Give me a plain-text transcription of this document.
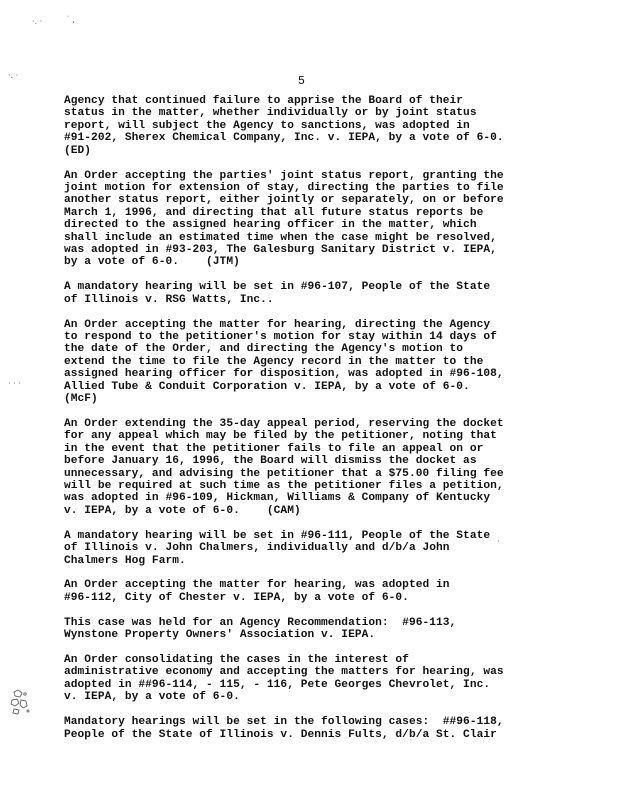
·. ·	˙ ,
·. ·
· · ·
·
5
Agency that continued failure to apprise the Board of their
status in the matter, whether individually or by joint status
report, will subject the Agency to sanctions, was adopted in
#91-202, Sherex Chemical Company, Inc. v. IEPA, by a vote of 6-0.
(ED)
An Order accepting the parties' joint status report, granting the
joint motion for extension of stay, directing the parties to file
another status report, either jointly or separately, on or before
March 1, 1996, and directing that all future status reports be
directed to the assigned hearing officer in the matter, which
shall include an estimated time when the case might be resolved,
was adopted in #93-203, The Galesburg Sanitary District v. IEPA,
by a vote of 6-0.    (JTM)
A mandatory hearing will be set in #96-107, People of the State
of Illinois v. RSG Watts, Inc..
An Order accepting the matter for hearing, directing the Agency
to respond to the petitioner's motion for stay within 14 days of
the date of the Order, and directing the Agency's motion to
extend the time to file the Agency record in the matter to the
assigned hearing officer for disposition, was adopted in #96-108,
Allied Tube & Conduit Corporation v. IEPA, by a vote of 6-0.
(McF)
An Order extending the 35-day appeal period, reserving the docket
for any appeal which may be filed by the petitioner, noting that
in the event that the petitioner fails to file an appeal on or
before January 16, 1996, the Board will dismiss the docket as
unnecessary, and advising the petitioner that a $75.00 filing fee
will be required at such time as the petitioner files a petition,
was adopted in #96-109, Hickman, Williams & Company of Kentucky
v. IEPA, by a vote of 6-0.    (CAM)
A mandatory hearing will be set in #96-111, People of the State
of Illinois v. John Chalmers, individually and d/b/a John
Chalmers Hog Farm.
An Order accepting the matter for hearing, was adopted in
#96-112, City of Chester v. IEPA, by a vote of 6-0.
This case was held for an Agency Recommendation:  #96-113,
Wynstone Property Owners' Association v. IEPA.
An Order consolidating the cases in the interest of
administrative economy and accepting the matters for hearing, was
adopted in ##96-114, - 115, - 116, Pete Georges Chevrolet, Inc.
v. IEPA, by a vote of 6-0.
Mandatory hearings will be set in the following cases:  ##96-118,
People of the State of Illinois v. Dennis Fults, d/b/a St. Clair
